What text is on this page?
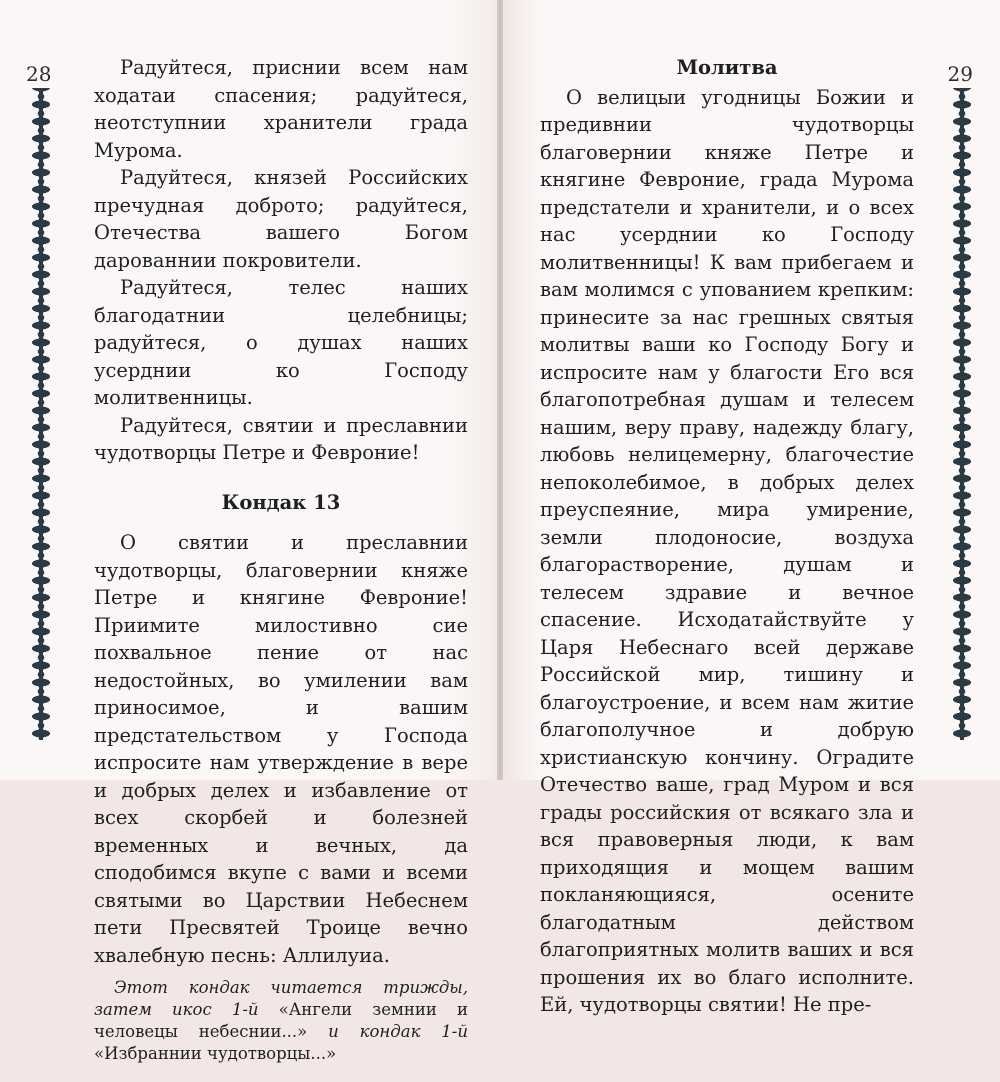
28	Радуйтеся, приснии всем нам ходатаи спасения; радуйтеся, неотступнии хранители града Мурома.

Радуйтеся, князей Российских пречудная доброто; радуйтеся, Отечества вашего Богом дарованнии покровители.

Радуйтеся, телес наших благодатнии целебницы; радуйтеся, о душах наших усерднии ко Господу молитвенницы.

Радуйтеся, святии и преславнии чудотворцы Петре и Февроние!

Кондак 13

О святии и преславнии чудотворцы, благовернии княже Петре и княгине Февроние! Приимите милостивно сие похвальное пение от нас недостойных, во умилении вам приносимое, и вашим предстательством у Господа испросите нам утверждение в вере и добрых делех и избавление от всех скорбей и болезней временных и вечных, да сподобимся вкупе с вами и всеми святыми во Царствии Небеснем пети Пресвятей Троице вечно хвалебную песнь: Аллилуиа.

Этот кондак читается трижды, затем икос 1-й «Ангели земнии и человецы небеснии...» и кондак 1-й «Избраннии чудотворцы...»

29

Молитва

О велицыи угодницы Божии и предивнии чудотворцы благовернии княже Петре и княгине Февроние, града Мурома предстатели и хранители, и о всех нас усерднии ко Господу молитвенницы! К вам прибегаем и вам молимся с упованием крепким: принесите за нас грешных святыя молитвы ваши ко Господу Богу и испросите нам у благости Его вся благопотребная душам и телесем нашим, веру праву, надежду благу, любовь нелицемерну, благочестие непоколебимое, в добрых делех преуспеяние, мира умирение, земли плодоносие, воздуха благорастворение, душам и телесем здравие и вечное спасение. Исходатайствуйте у Царя Небеснаго всей державе Российской мир, тишину и благоустроение, и всем нам житие благополучное и добрую христианскую кончину. Оградите Отечество ваше, град Муром и вся грады российския от всякаго зла и вся правоверныя люди, к вам приходящия и мощем вашим покланяющияся, осените благодатным действом благоприятных молитв ваших и вся прошения их во благо исполните. Ей, чудотворцы святии! Не пре-
